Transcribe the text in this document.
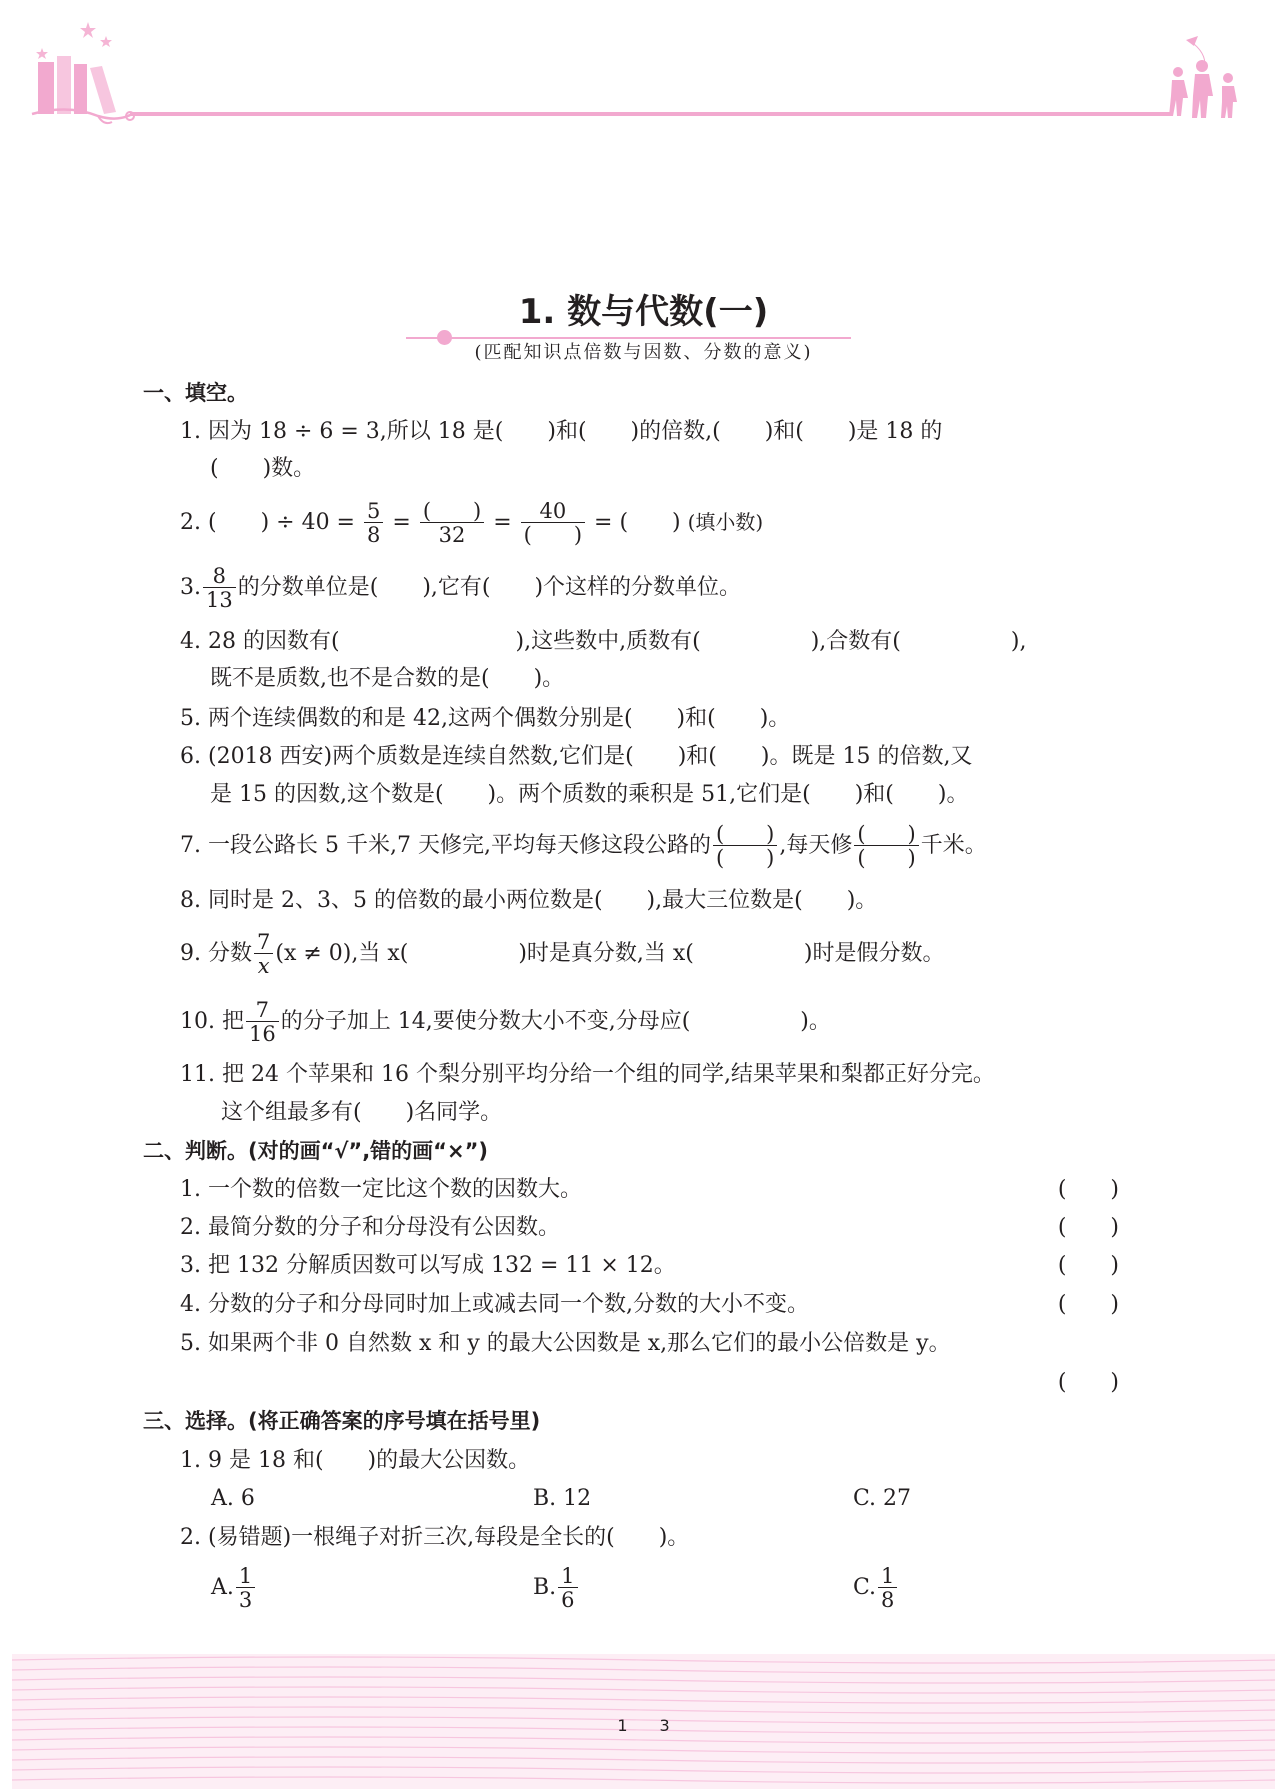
1. 数与代数(一)
(匹配知识点倍数与因数、分数的意义)
一、填空。
1. 因为 18 ÷ 6 = 3,所以 18 是(　　)和(　　)的倍数,(　　)和(　　)是 18 的
(　　)数。
2. (　　) ÷ $40 = \frac{5}{8} = \frac{( )}{32} = \frac{40}{( )}$ = (　　) (填小数)
3. $\frac{8}{13}$ 的分数单位是(　　),它有(　　)个这样的分数单位。
4. 28 的因数有(　　　　　　　　),这些数中,质数有(　　　　　),合数有(　　　　　),
既不是质数,也不是合数的是(　　)。
5. 两个连续偶数的和是 42,这两个偶数分别是(　　)和(　　)。
6. (2018 西安)两个质数是连续自然数,它们是(　　)和(　　)。既是 15 的倍数,又
是 15 的因数,这个数是(　　)。两个质数的乘积是 51,它们是(　　)和(　　)。
7. 一段公路长 5 千米,7 天修完,平均每天修这段公路的 $\frac{( )}{( )}$ ,每天修 $\frac{( )}{( )}$ 千米。
8. 同时是 2、3、5 的倍数的最小两位数是(　　),最大三位数是(　　)。
9. 分数 $\frac{7}{x} (x \ne 0)$,当 x(　　　　　)时是真分数,当 x(　　　　　)时是假分数。
10. 把 $\frac{7}{16}$ 的分子加上 14,要使分数大小不变,分母应(　　　　　)。
11. 把 24 个苹果和 16 个梨分别平均分给一个组的同学,结果苹果和梨都正好分完。
这个组最多有(　　)名同学。
二、判断。(对的画“√”,错的画“×”)
1. 一个数的倍数一定比这个数的因数大。	(　　)
2. 最简分数的分子和分母没有公因数。	(　　)
3. 把 132 分解质因数可以写成 132 = 11 × 12。	(　　)
4. 分数的分子和分母同时加上或减去同一个数,分数的大小不变。	(　　)
5. 如果两个非 0 自然数 x 和 y 的最大公因数是 x,那么它们的最小公倍数是 y。
(　　)
三、选择。(将正确答案的序号填在括号里)
1. 9 是 18 和(　　)的最大公因数。
A. 6	B. 12	C. 27
2. (易错题)一根绳子对折三次,每段是全长的(　　)。
A. $\frac{1}{3}$	B. $\frac{1}{6}$	C. $\frac{1}{8}$
1　　3
